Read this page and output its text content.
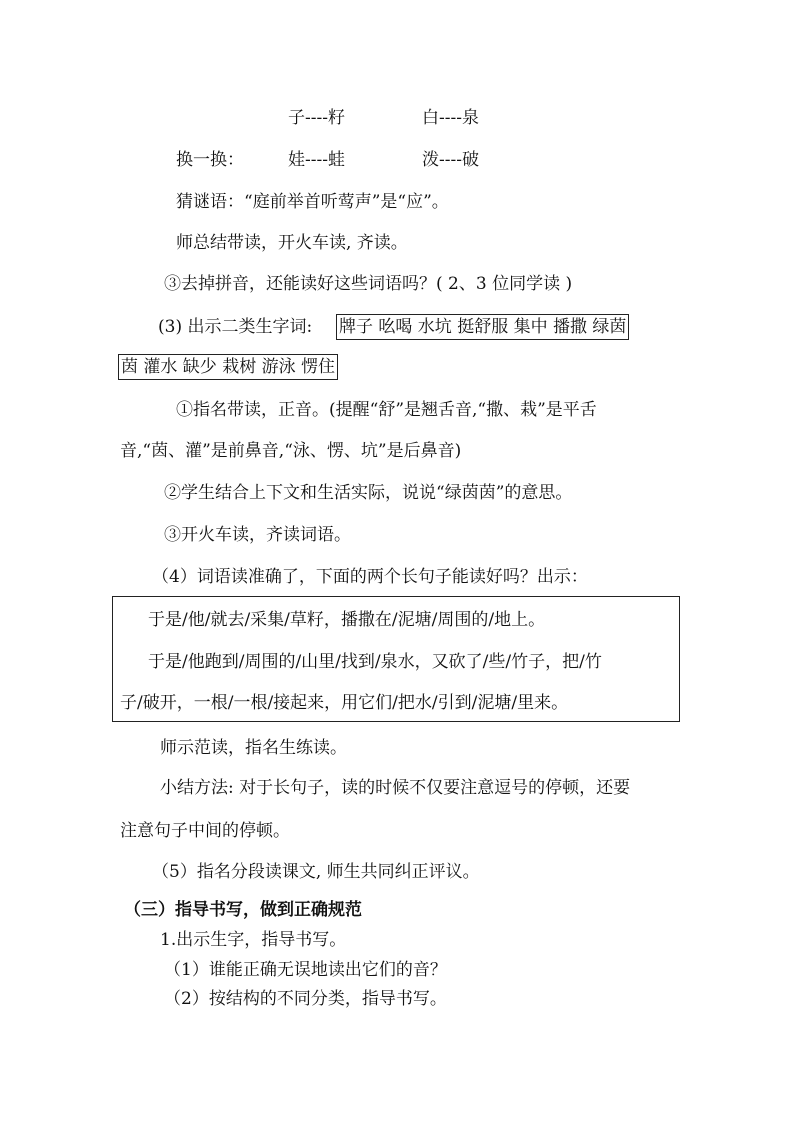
子----籽	白----泉
换一换：	娃----蛙	泼----破
猜谜语：“庭前举首听莺声”是“应”。
师总结带读，开火车读, 齐读。
③去掉拼音，还能读好这些词语吗？( 2、3 位同学读 )
(3) 出示二类生字词: 牌子 吆喝 水坑 挺舒服 集中 播撒 绿茵
茵 灌水 缺少 栽树 游泳 愣住
①指名带读，正音。(提醒“舒”是翘舌音,“撒、栽”是平舌
音,“茵、灌”是前鼻音,“泳、愣、坑”是后鼻音)
②学生结合上下文和生活实际，说说“绿茵茵”的意思。
③开火车读，齐读词语。
（4）词语读准确了，下面的两个长句子能读好吗？出示：
于是/他/就去/采集/草籽，播撒在/泥塘/周围的/地上。
于是/他跑到/周围的/山里/找到/泉水，又砍了/些/竹子，把/竹
子/破开，一根/一根/接起来，用它们/把水/引到/泥塘/里来。
师示范读，指名生练读。
小结方法: 对于长句子，读的时候不仅要注意逗号的停顿，还要
注意句子中间的停顿。
（5）指名分段读课文, 师生共同纠正评议。
（三）指导书写，做到正确规范
1.出示生字，指导书写。
（1）谁能正确无误地读出它们的音？
（2）按结构的不同分类，指导书写。
